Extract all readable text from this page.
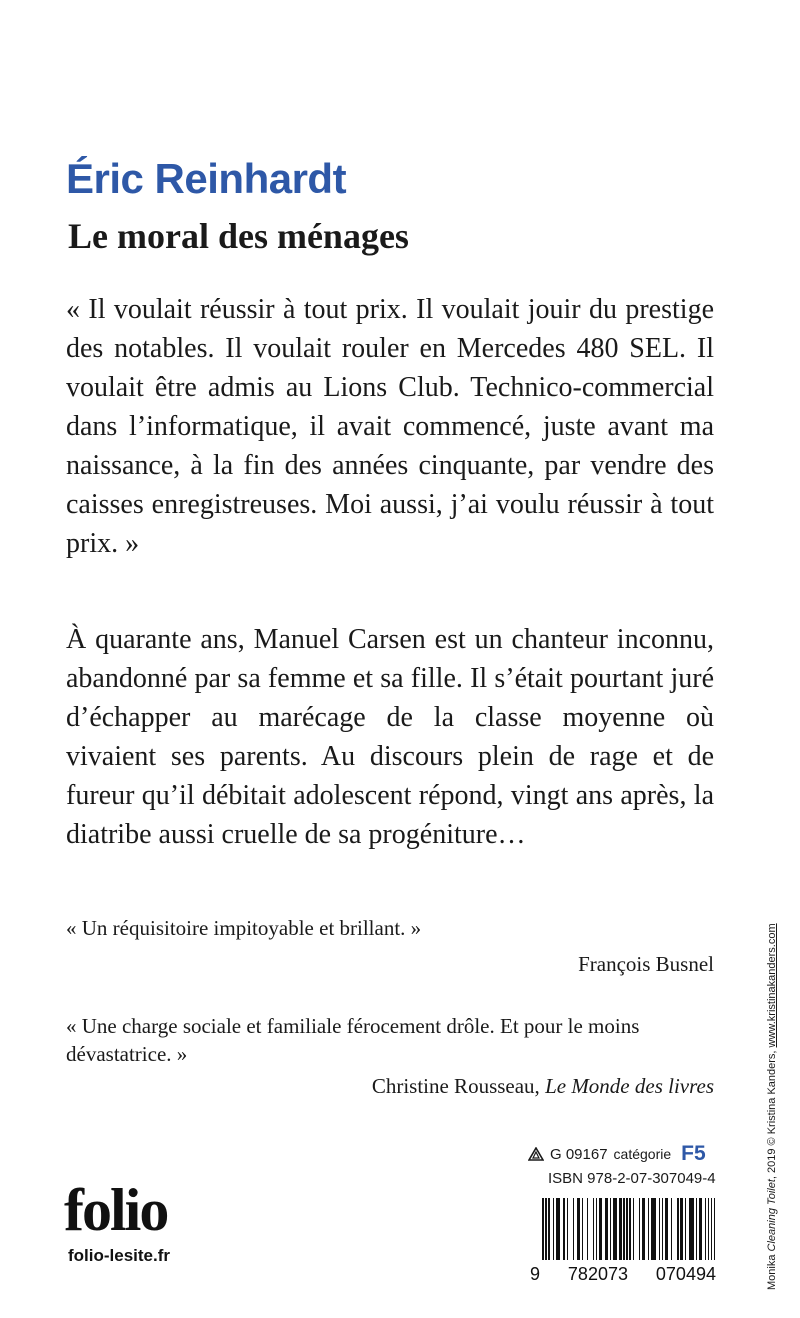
Éric Reinhardt
Le moral des ménages

« Il voulait réussir à tout prix. Il voulait jouir du prestige des notables. Il voulait rouler en Mercedes 480 SEL. Il voulait être admis au Lions Club. Technico-commercial dans l’informatique, il avait commencé, juste avant ma naissance, à la fin des années cinquante, par vendre des caisses enregistreuses. Moi aussi, j’ai voulu réussir à tout prix. »

À quarante ans, Manuel Carsen est un chanteur inconnu, abandonné par sa femme et sa fille. Il s’était pourtant juré d’échapper au marécage de la classe moyenne où vivaient ses parents. Au discours plein de rage et de fureur qu’il débitait adolescent répond, vingt ans après, la diatribe aussi cruelle de sa progéniture…

« Un réquisitoire impitoyable et brillant. »

François Busnel

« Une charge sociale et familiale férocement drôle. Et pour le moins dévastatrice. »

Christine Rousseau, Le Monde des livres

Monika Cleaning Toilet, 2019 © Kristina Kanders, www.kristinakanders.com
folio
folio-lesite.fr
G 09167 catégorie F5
ISBN 978-2-07-307049-4
9 782073 070494
